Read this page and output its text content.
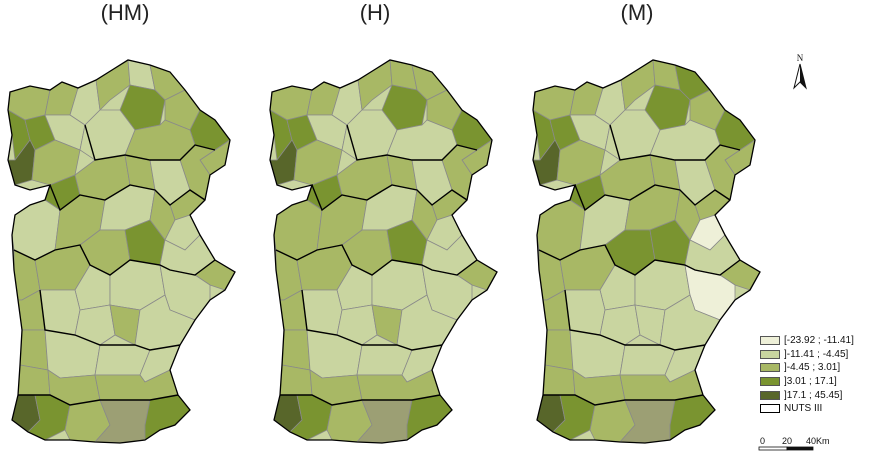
(HM)	(H)	(M)
N
[-23.92 ; -11.41]
]-11.41 ; -4.45]
]-4.45 ; 3.01]
]3.01 ; 17.1]
]17.1 ; 45.45]
NUTS III
0 20 40 Km
